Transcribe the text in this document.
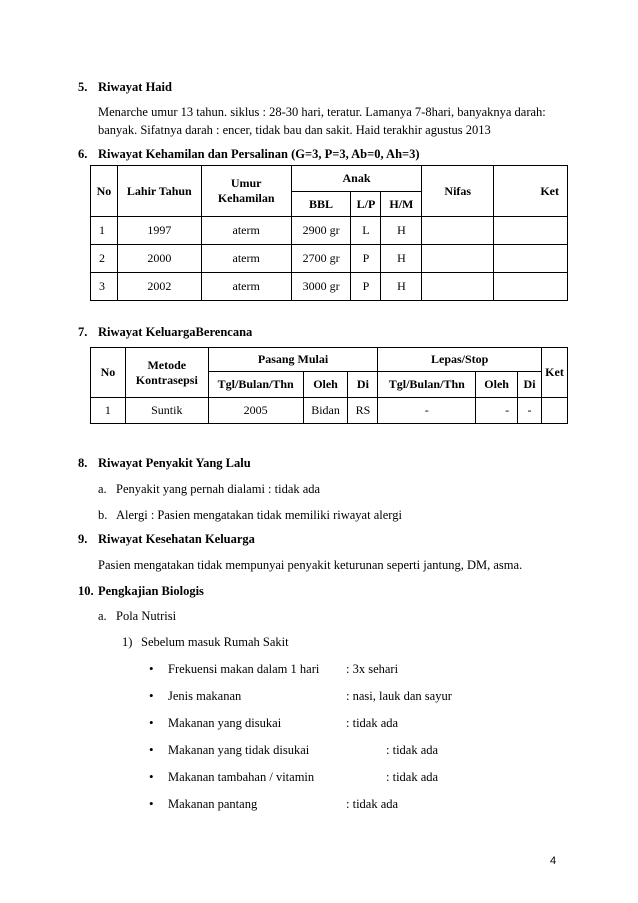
5. Riwayat Haid
Menarche umur 13 tahun. siklus : 28-30 hari, teratur. Lamanya 7-8hari, banyaknya darah:
banyak. Sifatnya darah : encer, tidak bau dan sakit. Haid terakhir agustus 2013
6. Riwayat Kehamilan dan Persalinan (G=3, P=3, Ab=0, Ah=3)
No	Lahir Tahun	Umur Kehamilan	Anak			Nifas	Ket
			BBL	L/P	H/M		
1	1997	aterm	2900 gr	L	H		
2	2000	aterm	2700 gr	P	H		
3	2002	aterm	3000 gr	P	H		
7. Riwayat KeluargaBerencana
No	Metode Kontrasepsi	Pasang Mulai			Lepas/Stop			Ket
		Tgl/Bulan/Thn	Oleh	Di	Tgl/Bulan/Thn	Oleh	Di	
1	Suntik	2005	Bidan	RS	-	-	-	
8. Riwayat Penyakit Yang Lalu
a. Penyakit yang pernah dialami : tidak ada
b. Alergi : Pasien mengatakan tidak memiliki riwayat alergi
9. Riwayat Kesehatan Keluarga
Pasien mengatakan tidak mempunyai penyakit keturunan seperti jantung, DM, asma.
10. Pengkajian Biologis
a. Pola Nutrisi
1) Sebelum masuk Rumah Sakit
• Frekuensi makan dalam 1 hari : 3x sehari
• Jenis makanan	: nasi, lauk dan sayur
• Makanan yang disukai	: tidak ada
• Makanan yang tidak disukai	: tidak ada
• Makanan tambahan / vitamin	: tidak ada
• Makanan pantang	: tidak ada
4
